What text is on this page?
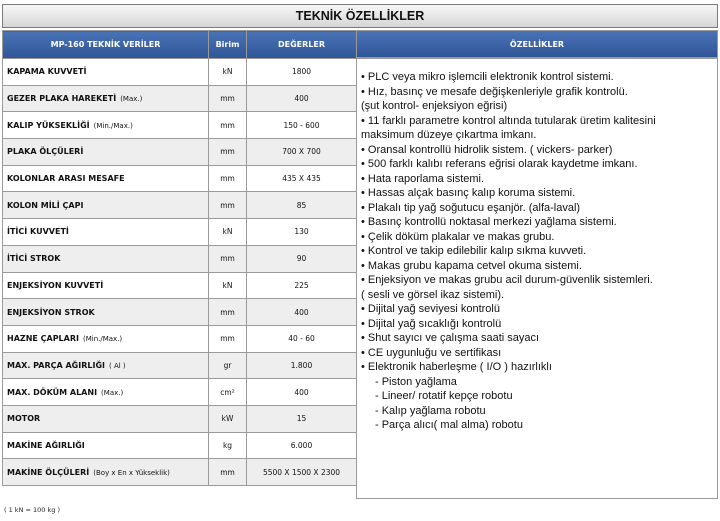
TEKNİK ÖZELLİKLER
MP-160 TEKNİK VERİLER	Birim	DEĞERLER
KAPAMA KUVVETİ	kN	1800
GEZER PLAKA HAREKETİ (Max.)	mm	400
KALIP YÜKSEKLİĞİ (Min./Max.)	mm	150 - 600
PLAKA ÖLÇÜLERİ	mm	700 X 700
KOLONLAR ARASI MESAFE	mm	435 X 435
KOLON MİLİ ÇAPI	mm	85
İTİCİ KUVVETİ	kN	130
İTİCİ STROK	mm	90
ENJEKSİYON KUVVETİ	kN	225
ENJEKSİYON STROK	mm	400
HAZNE ÇAPLARI (Min./Max.)	mm	40 - 60
MAX. PARÇA AĞIRLIĞI ( Al )	gr	1.800
MAX. DÖKÜM ALANI (Max.)	cm²	400
MOTOR	kW	15
MAKİNE AĞIRLIĞI	kg	6.000
MAKİNE ÖLÇÜLERİ (Boy x En x Yükseklik)	mm	5500 X 1500 X 2300
ÖZELLİKLER
• PLC veya mikro işlemcili elektronik kontrol sistemi.
• Hız, basınç ve mesafe değişkenleriyle grafik kontrolü.
(şut kontrol- enjeksiyon eğrisi)
• 11 farklı parametre kontrol altında tutularak üretim kalitesini
maksimum düzeye çıkartma imkanı.
• Oransal kontrollü hidrolik sistem. ( vickers- parker)
• 500 farklı kalıbı referans eğrisi olarak kaydetme imkanı.
• Hata raporlama sistemi.
• Hassas alçak basınç kalıp koruma sistemi.
• Plakalı tip yağ soğutucu eşanjör. (alfa-laval)
• Basınç kontrollü noktasal merkezi yağlama sistemi.
• Çelik döküm plakalar ve makas grubu.
• Kontrol ve takip edilebilir kalıp sıkma kuvveti.
• Makas grubu kapama cetvel okuma sistemi.
• Enjeksiyon ve makas grubu acil durum-güvenlik sistemleri.
( sesli ve görsel ikaz sistemi).
• Dijital yağ seviyesi kontrolü
• Dijital yağ sıcaklığı kontrolü
• Shut sayıcı ve çalışma saati sayacı
• CE uygunluğu ve sertifikası
• Elektronik haberleşme ( I/O ) hazırlıklı
- Piston yağlama
- Lineer/ rotatif kepçe robotu
- Kalıp yağlama robotu
- Parça alıcı( mal alma) robotu
( 1 kN = 100 kg )
